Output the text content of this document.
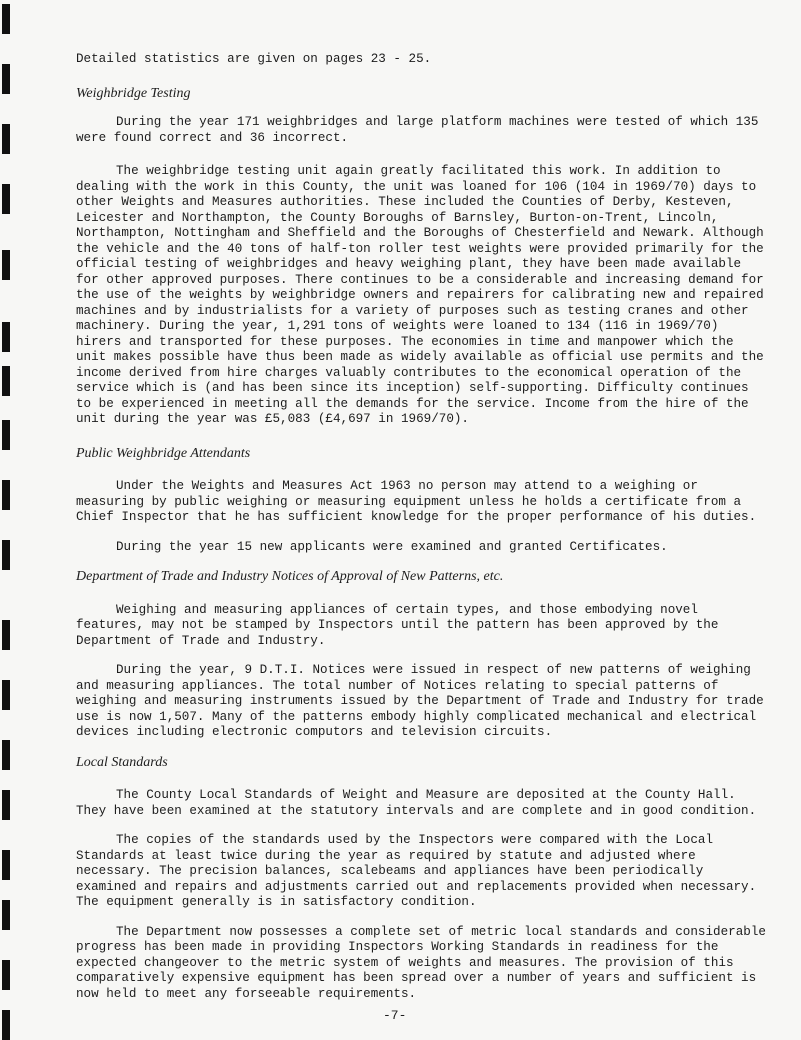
Detailed statistics are given on pages 23 - 25.

Weighbridge Testing

During the year 171 weighbridges and large platform machines were tested of which 135 were found correct and 36 incorrect.

The weighbridge testing unit again greatly facilitated this work. In addition to dealing with the work in this County, the unit was loaned for 106 (104 in 1969/70) days to other Weights and Measures authorities. These included the Counties of Derby, Kesteven, Leicester and Northampton, the County Boroughs of Barnsley, Burton-on-Trent, Lincoln, Northampton, Nottingham and Sheffield and the Boroughs of Chesterfield and Newark. Although the vehicle and the 40 tons of half-ton roller test weights were provided primarily for the official testing of weighbridges and heavy weighing plant, they have been made available for other approved purposes. There continues to be a considerable and increasing demand for the use of the weights by weighbridge owners and repairers for calibrating new and repaired machines and by industrialists for a variety of purposes such as testing cranes and other machinery. During the year, 1,291 tons of weights were loaned to 134 (116 in 1969/70) hirers and transported for these purposes. The economies in time and manpower which the unit makes possible have thus been made as widely available as official use permits and the income derived from hire charges valuably contributes to the economical operation of the service which is (and has been since its inception) self-supporting. Difficulty continues to be experienced in meeting all the demands for the service. Income from the hire of the unit during the year was £5,083 (£4,697 in 1969/70).

Public Weighbridge Attendants

Under the Weights and Measures Act 1963 no person may attend to a weighing or measuring by public weighing or measuring equipment unless he holds a certificate from a Chief Inspector that he has sufficient knowledge for the proper performance of his duties.

During the year 15 new applicants were examined and granted Certificates.

Department of Trade and Industry Notices of Approval of New Patterns, etc.

Weighing and measuring appliances of certain types, and those embodying novel features, may not be stamped by Inspectors until the pattern has been approved by the Department of Trade and Industry.

During the year, 9 D.T.I. Notices were issued in respect of new patterns of weighing and measuring appliances. The total number of Notices relating to special patterns of weighing and measuring instruments issued by the Department of Trade and Industry for trade use is now 1,507. Many of the patterns embody highly complicated mechanical and electrical devices including electronic computors and television circuits.

Local Standards

The County Local Standards of Weight and Measure are deposited at the County Hall. They have been examined at the statutory intervals and are complete and in good condition.

The copies of the standards used by the Inspectors were compared with the Local Standards at least twice during the year as required by statute and adjusted where necessary. The precision balances, scalebeams and appliances have been periodically examined and repairs and adjustments carried out and replacements provided when necessary. The equipment generally is in satisfactory condition.

The Department now possesses a complete set of metric local standards and considerable progress has been made in providing Inspectors Working Standards in readiness for the expected changeover to the metric system of weights and measures. The provision of this comparatively expensive equipment has been spread over a number of years and sufficient is now held to meet any forseeable requirements.

-7-
